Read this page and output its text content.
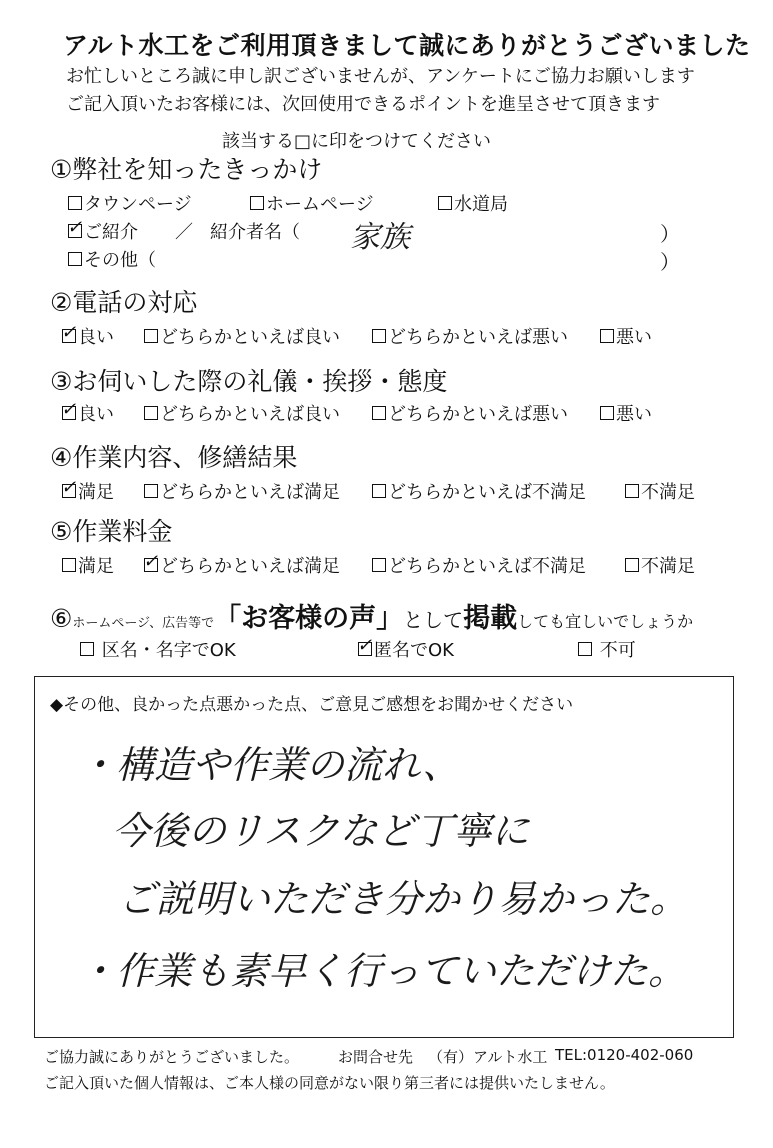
アルト水工をご利用頂きまして誠にありがとうございました
お忙しいところ誠に申し訳ございませんが、アンケートにご協力お願いします
ご記入頂いたお客様には、次回使用できるポイントを進呈させて頂きます
該当する□に印をつけてください
①弊社を知ったきっかけ
タウンページ	ホームページ	水道局
✓ ご紹介 ／ 紹介者名（ 家族	）
その他（	）
②電話の対応
✓ 良い	どちらかといえば良い	どちらかといえば悪い	悪い
③お伺いした際の礼儀・挨拶・態度
✓ 良い	どちらかといえば良い	どちらかといえば悪い	悪い
④作業内容、修繕結果
✓ 満足	どちらかといえば満足	どちらかといえば不満足	不満足
⑤作業料金
満足 ✓ どちらかといえば満足	どちらかといえば不満足	不満足
⑥ホームページ、広告等で「お客様の声」として掲載しても宜しいでしょうか
区名・名字でOK	✓ 匿名でOK	不可
◆その他、良かった点悪かった点、ご意見ご感想をお聞かせください
・構造や作業の流れ、
今後のリスクなど丁寧に
ご説明いただき分かり易かった。
・作業も素早く行っていただけた。
ご協力誠にありがとうございました。	お問合せ先 （有）アルト水工 TEL:0120-402-060
ご記入頂いた個人情報は、ご本人様の同意がない限り第三者には提供いたしません。
